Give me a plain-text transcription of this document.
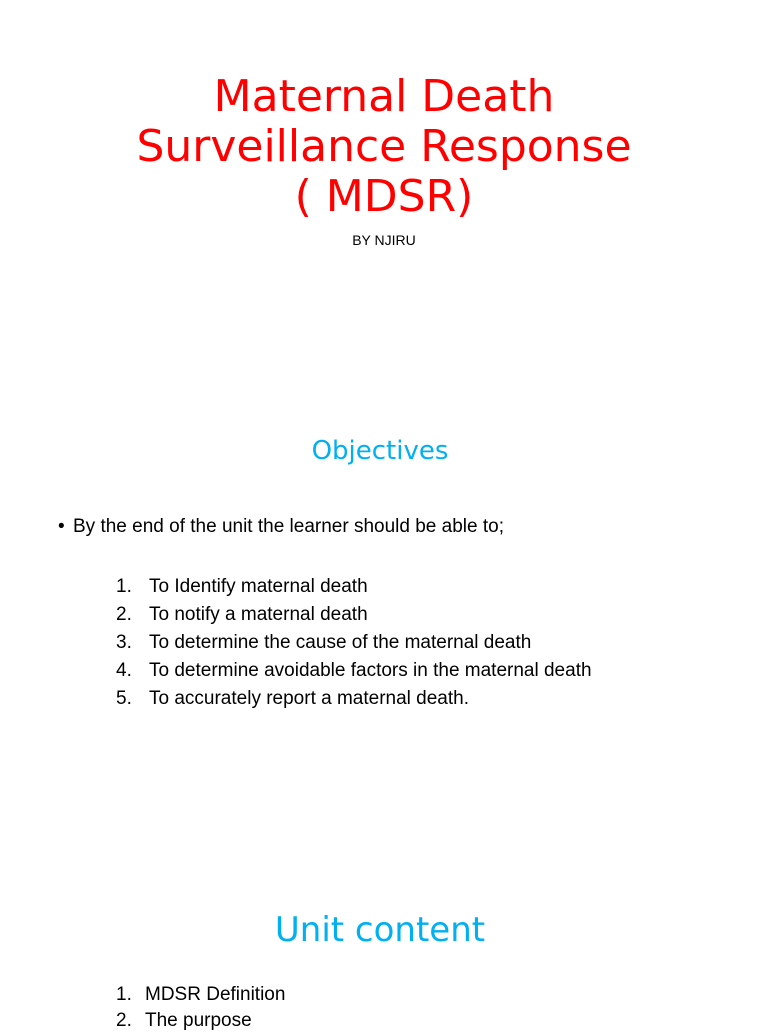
Maternal Death
Surveillance Response
( MDSR)
BY NJIRU
Objectives
• By the end of the unit the learner should be able to;
1. To Identify maternal death
2. To notify a maternal death
3. To determine the cause of the maternal death
4. To determine avoidable factors in the maternal death
5. To accurately report a maternal death.
Unit content
1. MDSR Definition
2. The purpose
